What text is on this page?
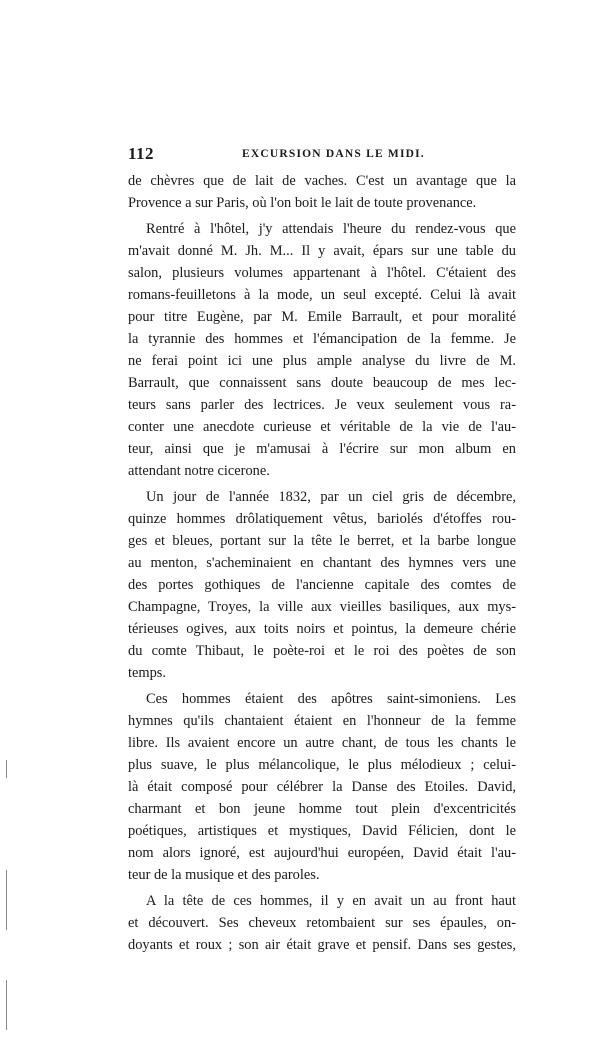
112	EXCURSION DANS LE MIDI.
de chèvres que de lait de vaches. C'est un avantage que la
Provence a sur Paris, où l'on boit le lait de toute provenance.
Rentré à l'hôtel, j'y attendais l'heure du rendez-vous que
m'avait donné M. Jh. M... Il y avait, épars sur une table du
salon, plusieurs volumes appartenant à l'hôtel. C'étaient des
romans-feuilletons à la mode, un seul excepté. Celui là avait
pour titre Eugène, par M. Emile Barrault, et pour moralité
la tyrannie des hommes et l'émancipation de la femme. Je
ne ferai point ici une plus ample analyse du livre de M.
Barrault, que connaissent sans doute beaucoup de mes lec-
teurs sans parler des lectrices. Je veux seulement vous ra-
conter une anecdote curieuse et véritable de la vie de l'au-
teur, ainsi que je m'amusai à l'écrire sur mon album en
attendant notre cicerone.
Un jour de l'année 1832, par un ciel gris de décembre,
quinze hommes drôlatiquement vêtus, bariolés d'étoffes rou-
ges et bleues, portant sur la tête le berret, et la barbe longue
au menton, s'acheminaient en chantant des hymnes vers une
des portes gothiques de l'ancienne capitale des comtes de
Champagne, Troyes, la ville aux vieilles basiliques, aux mys-
térieuses ogives, aux toits noirs et pointus, la demeure chérie
du comte Thibaut, le poète-roi et le roi des poètes de son
temps.
Ces hommes étaient des apôtres saint-simoniens. Les
hymnes qu'ils chantaient étaient en l'honneur de la femme
libre. Ils avaient encore un autre chant, de tous les chants le
plus suave, le plus mélancolique, le plus mélodieux ; celui-
là était composé pour célébrer la Danse des Etoiles. David,
charmant et bon jeune homme tout plein d'excentricités
poétiques, artistiques et mystiques, David Félicien, dont le
nom alors ignoré, est aujourd'hui européen, David était l'au-
teur de la musique et des paroles.
A la tête de ces hommes, il y en avait un au front haut
et découvert. Ses cheveux retombaient sur ses épaules, on-
doyants et roux ; son air était grave et pensif. Dans ses gestes,
